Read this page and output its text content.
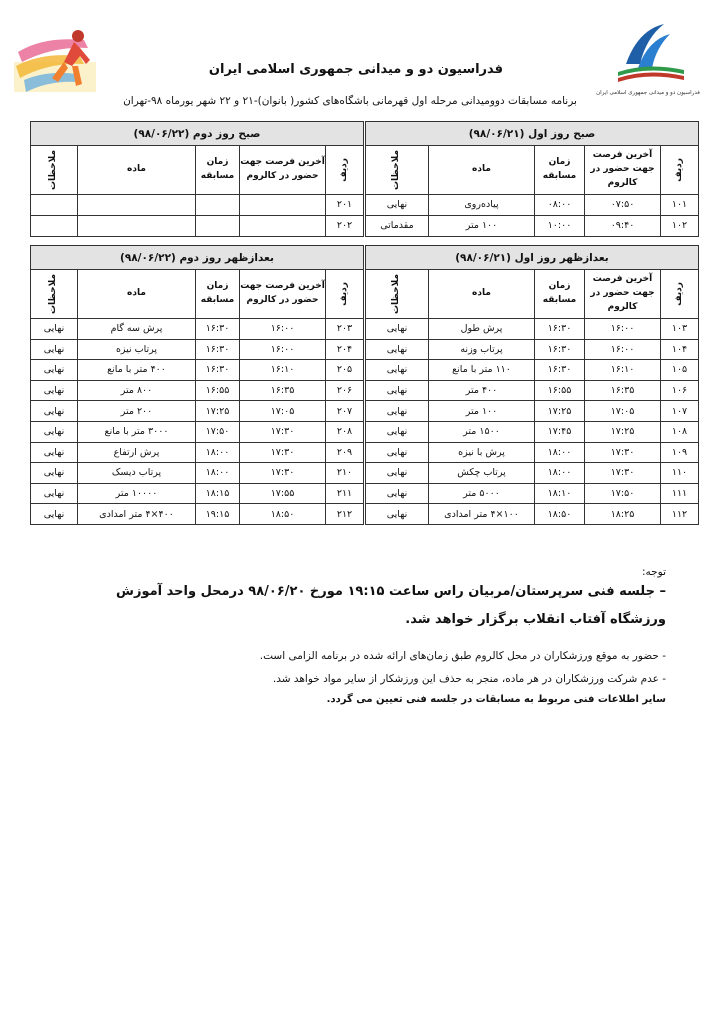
فدراسیون دو و میدانی جمهوری اسلامی ایران
فدراسیون دو و میدانی جمهوری اسلامی ایران
برنامه مسابقات دوومیدانی مرحله اول قهرمانی باشگاه‌های کشور( بانوان)-۲۱ و ۲۲ شهر یورماه ۹۸-تهران
صبح روز اول (۹۸/۰۶/۲۱)				
ردیف	آخرین فرصت جهت حضور در کالروم	زمان مسابقه	ماده	ملاحظات
۱۰۱	۰۷:۵۰	۰۸:۰۰	پیاده‌روی	نهایی
۱۰۲	۰۹:۴۰	۱۰:۰۰	۱۰۰ متر	مقدماتی
صبح روز دوم (۹۸/۰۶/۲۲)				
ردیف	آخرین فرصت جهت حضور در کالروم	زمان مسابقه	ماده	ملاحظات
۲۰۱				
۲۰۲				
بعدازظهر روز اول (۹۸/۰۶/۲۱)				
ردیف	آخرین فرصت جهت حضور در کالروم	زمان مسابقه	ماده	ملاحظات
۱۰۳	۱۶:۰۰	۱۶:۳۰	پرش طول	نهایی
۱۰۴	۱۶:۰۰	۱۶:۳۰	پرتاب وزنه	نهایی
۱۰۵	۱۶:۱۰	۱۶:۳۰	۱۱۰ متر با مانع	نهایی
۱۰۶	۱۶:۳۵	۱۶:۵۵	۴۰۰ متر	نهایی
۱۰۷	۱۷:۰۵	۱۷:۲۵	۱۰۰ متر	نهایی
۱۰۸	۱۷:۲۵	۱۷:۴۵	۱۵۰۰ متر	نهایی
۱۰۹	۱۷:۳۰	۱۸:۰۰	پرش با نیزه	نهایی
۱۱۰	۱۷:۳۰	۱۸:۰۰	پرتاب چکش	نهایی
۱۱۱	۱۷:۵۰	۱۸:۱۰	۵۰۰۰ متر	نهایی
۱۱۲	۱۸:۲۵	۱۸:۵۰	۱۰۰×۴ متر امدادی	نهایی
بعدازظهر روز دوم (۹۸/۰۶/۲۲)				
ردیف	آخرین فرصت جهت حضور در کالروم	زمان مسابقه	ماده	ملاحظات
۲۰۳	۱۶:۰۰	۱۶:۳۰	پرش سه گام	نهایی
۲۰۴	۱۶:۰۰	۱۶:۳۰	پرتاب نیزه	نهایی
۲۰۵	۱۶:۱۰	۱۶:۳۰	۴۰۰ متر با مانع	نهایی
۲۰۶	۱۶:۳۵	۱۶:۵۵	۸۰۰ متر	نهایی
۲۰۷	۱۷:۰۵	۱۷:۲۵	۲۰۰ متر	نهایی
۲۰۸	۱۷:۳۰	۱۷:۵۰	۳۰۰۰ متر با مانع	نهایی
۲۰۹	۱۷:۳۰	۱۸:۰۰	پرش ارتفاع	نهایی
۲۱۰	۱۷:۳۰	۱۸:۰۰	پرتاب دیسک	نهایی
۲۱۱	۱۷:۵۵	۱۸:۱۵	۱۰۰۰۰ متر	نهایی
۲۱۲	۱۸:۵۰	۱۹:۱۵	۴۰۰×۴ متر امدادی	نهایی
توجه:
– جلسه فنی سرپرستان/مربیان راس ساعت ۱۹:۱۵ مورخ ۹۸/۰۶/۲۰ درمحل واحد آموزش ورزشگاه آفتاب انقلاب برگزار خواهد شد.
- حضور به موقع ورزشکاران در محل کالروم طبق زمان‌های ارائه شده در برنامه الزامی است.
- عدم شرکت ورزشکاران در هر ماده، منجر به حذف این ورزشکار از سایر مواد خواهد شد.
سایر اطلاعات فنی مربوط به مسابقات در جلسه فنی تعیین می گردد.
